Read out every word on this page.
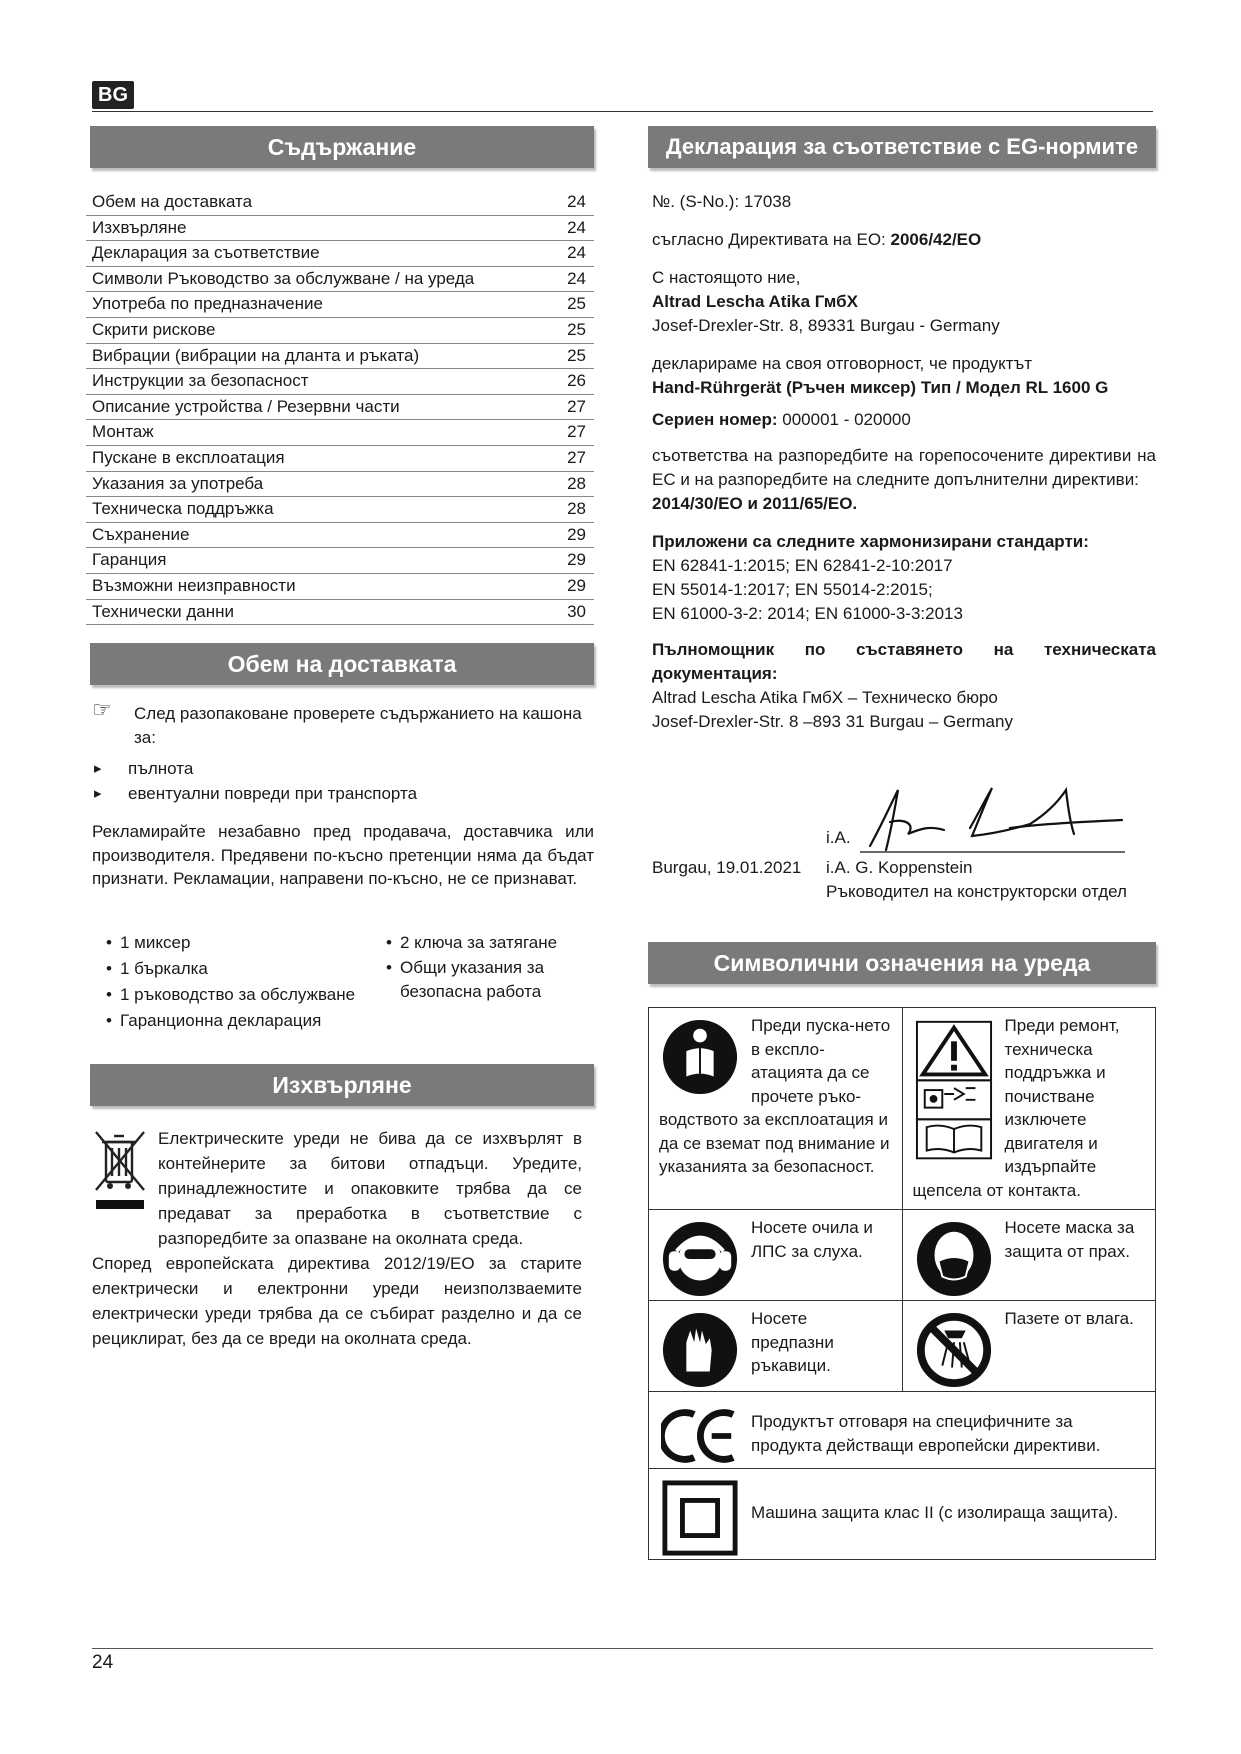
BG
Съдържание
Обем на доставката	24
Изхвърляне	24
Декларация за съответствие	24
Символи Ръководство за обслужване / на уреда	24
Употреба по предназначение	25
Скрити рискове	25
Вибрации (вибрации на дланта и ръката)	25
Инструкции за безопасност	26
Описание устройства / Резервни части	27
Монтаж	27
Пускане в експлоатация	27
Указания за употреба	28
Техническа поддръжка	28
Съхранение	29
Гаранция	29
Възможни неизправности	29
Технически данни	30
Обем на доставката
☞	След разопаковане проверете съдържанието на кашона за:
▸ пълнота
▸ евентуални повреди при транспорта
Рекламирайте незабавно пред продавача, доставчика или производителя. Предявени по-късно претенции няма да бъдат признати. Рекламации, направени по-късно, не се признават.
• 1 миксер
• 1 бъркалка
• 1 ръководство за обслужване
• Гаранционна декларация
• 2 ключа за затягане
• Общи указания за безопасна работа
Изхвърляне
Електрическите уреди не бива да се изхвърлят в контейнерите за битови отпадъци. Уредите, принадлежностите и опаковките трябва да се предават за преработка в съответствие с разпоредбите за опазване на околната среда.
Според европейската директива 2012/19/ЕО за старите електрически и електронни уреди неизползваемите електрически уреди трябва да се събират разделно и да се рециклират, без да се вреди на околната среда.
Декларация за съответствие с EG-нормите
№. (S-No.): 17038
съгласно Директивата на ЕО: 2006/42/EO
С настоящото ние,
Altrad Lescha Atika ГмбХ
Josef-Drexler-Str. 8, 89331 Burgau - Germany
декларираме на своя отговорност, че продуктът
Hand-Rührgerät (Ръчен миксер) Тип / Модел RL 1600 G
Сериен номер: 000001 - 020000
съответства на разпоредбите на горепосочените директиви на ЕС и на разпоредбите на следните допълнителни директиви:
2014/30/EO и 2011/65/EO.
Приложени са следните хармонизирани стандарти:
EN 62841-1:2015; EN 62841-2-10:2017
EN 55014-1:2017; EN 55014-2:2015;
EN 61000-3-2: 2014; EN 61000-3-3:2013
Пълномощник по съставянето на техническата документация:
Altrad Lescha Atika ГмбХ – Техническо бюро
Josef-Drexler-Str. 8 –893 31 Burgau – Germany
i.A.
Burgau, 19.01.2021 i.A. G. Koppenstein
Ръководител на конструкторски отдел
Символични означения на уреда
Преди пуска-нето в експло-атацията да се прочете ръко-водството за експлоатация и да се вземат под внимание и указанията за безопасност.	Преди ремонт, техническа поддръжка и почистване изключете двигателя и издърпайте щепсела от контакта.

Носете очила и ЛПС за слуха.	Носете маска за защита от прах.

Носете предпазни ръкавици.	Пазете от влага.

Продуктът отговаря на специфичните за продукта действащи европейски директиви.	

Машина защита клас II (с изолираща защита).	
24
